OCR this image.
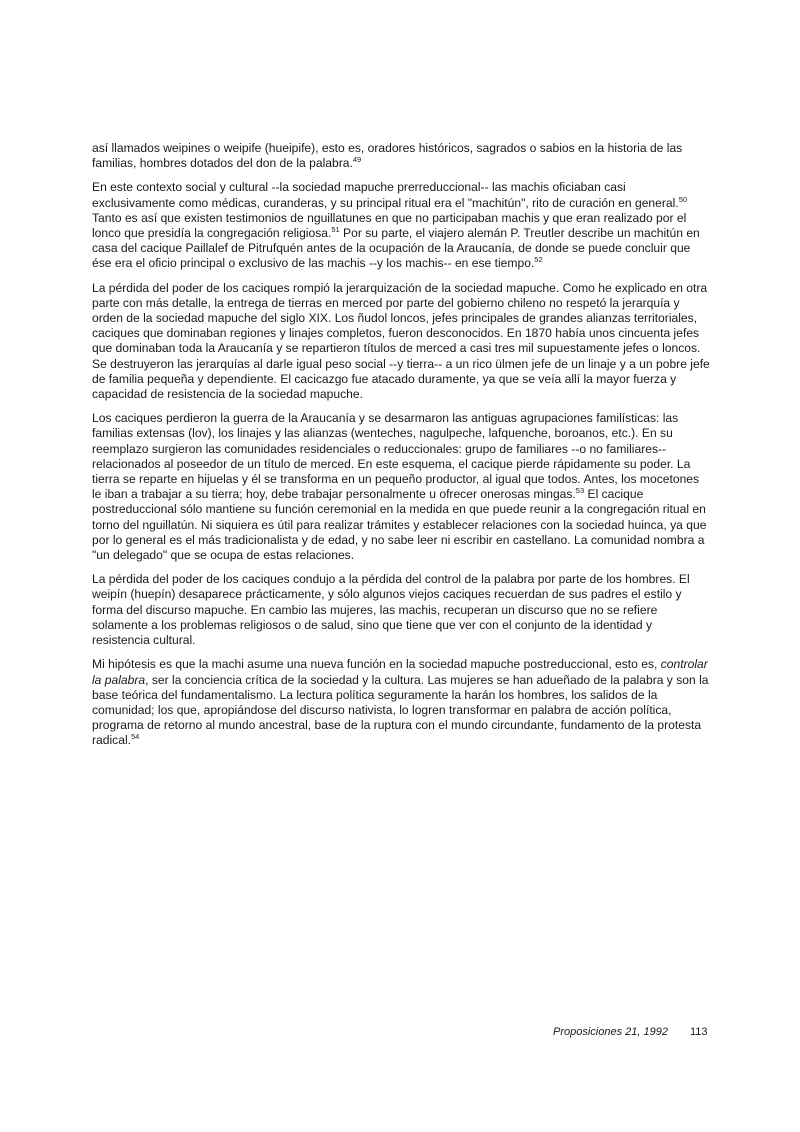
así llamados weipines o weipife (hueipife), esto es, oradores históricos, sagrados o sabios en la historia de las familias, hombres dotados del don de la palabra.$^{49}$

En este contexto social y cultural --la sociedad mapuche prerreduccional-- las machis oficiaban casi exclusivamente como médicas, curanderas, y su principal ritual era el "machitún", rito de curación en general.$^{50}$ Tanto es así que existen testimonios de nguillatunes en que no participaban machis y que eran realizado por el lonco que presidía la congregación religiosa.$^{51}$ Por su parte, el viajero alemán P. Treutler describe un machitún en casa del cacique Paillalef de Pitrufquén antes de la ocupación de la Araucanía, de donde se puede concluir que ése era el oficio principal o exclusivo de las machis --y los machis-- en ese tiempo.$^{52}$

La pérdida del poder de los caciques rompió la jerarquización de la sociedad mapuche. Como he explicado en otra parte con más detalle, la entrega de tierras en merced por parte del gobierno chileno no respetó la jerarquía y orden de la sociedad mapuche del siglo XIX. Los ñudol loncos, jefes principales de grandes alianzas territoriales, caciques que dominaban regiones y linajes completos, fueron desconocidos. En 1870 había unos cincuenta jefes que dominaban toda la Araucanía y se repartieron títulos de merced a casi tres mil supuestamente jefes o loncos. Se destruyeron las jerarquías al darle igual peso social --y tierra-- a un rico ülmen jefe de un linaje y a un pobre jefe de familia pequeña y dependiente. El cacicazgo fue atacado duramente, ya que se veía allí la mayor fuerza y capacidad de resistencia de la sociedad mapuche.

Los caciques perdieron la guerra de la Araucanía y se desarmaron las antiguas agrupaciones familísticas: las familias extensas (lov), los linajes y las alianzas (wenteches, nagulpeche, lafquenche, boroanos, etc.). En su reemplazo surgieron las comunidades residenciales o reduccionales: grupo de familiares --o no familiares-- relacionados al poseedor de un título de merced. En este esquema, el cacique pierde rápidamente su poder. La tierra se reparte en hijuelas y él se transforma en un pequeño productor, al igual que todos. Antes, los mocetones le iban a trabajar a su tierra; hoy, debe trabajar personalmente u ofrecer onerosas mingas.$^{53}$ El cacique postreduccional sólo mantiene su función ceremonial en la medida en que puede reunir a la congregación ritual en torno del nguillatún. Ni siquiera es útil para realizar trámites y establecer relaciones con la sociedad huinca, ya que por lo general es el más tradicionalista y de edad, y no sabe leer ni escribir en castellano. La comunidad nombra a "un delegado" que se ocupa de estas relaciones.

La pérdida del poder de los caciques condujo a la pérdida del control de la palabra por parte de los hombres. El weipín (huepín) desaparece prácticamente, y sólo algunos viejos caciques recuerdan de sus padres el estilo y forma del discurso mapuche. En cambio las mujeres, las machis, recuperan un discurso que no se refiere solamente a los problemas religiosos o de salud, sino que tiene que ver con el conjunto de la identidad y resistencia cultural.

Mi hipótesis es que la machi asume una nueva función en la sociedad mapuche postreduccional, esto es, controlar la palabra, ser la conciencia crítica de la sociedad y la cultura. Las mujeres se han adueñado de la palabra y son la base teórica del fundamentalismo. La lectura política seguramente la harán los hombres, los salidos de la comunidad; los que, apropiándose del discurso nativista, lo logren transformar en palabra de acción política, programa de retorno al mundo ancestral, base de la ruptura con el mundo circundante, fundamento de la protesta radical.$^{54}$

Proposiciones 21, 1992 113
